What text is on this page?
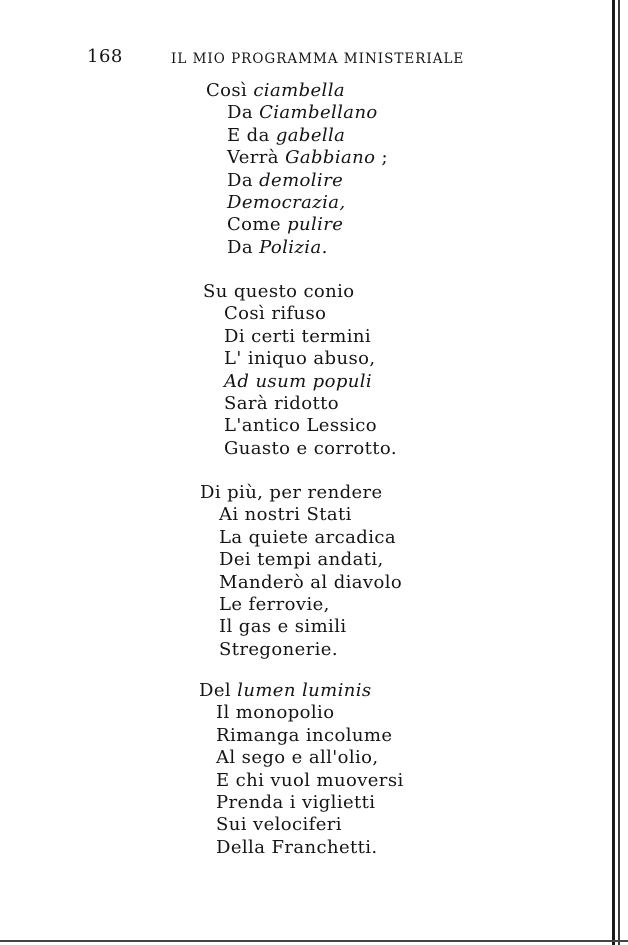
168	IL MIO PROGRAMMA MINISTERIALE
Così ciambella
Da Ciambellano
E da gabella
Verrà Gabbiano ;
Da demolire
Democrazia,
Come pulire
Da Polizia.
Su questo conio
Così rifuso
Di certi termini
L' iniquo abuso,
Ad usum populi
Sarà ridotto
L'antico Lessico
Guasto e corrotto.
Di più, per rendere
Ai nostri Stati
La quiete arcadica
Dei tempi andati,
Manderò al diavolo
Le ferrovie,
Il gas e simili
Stregonerie.
Del lumen luminis
Il monopolio
Rimanga incolume
Al sego e all'olio,
E chi vuol muoversi
Prenda i viglietti
Sui velociferi
Della Franchetti.
